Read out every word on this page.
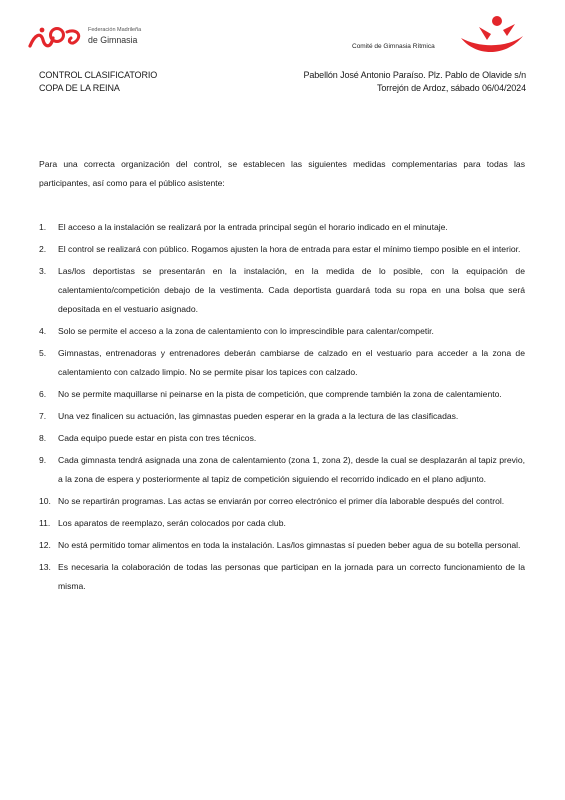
Federación Madrileña
de Gimnasia
Comité de Gimnasia Rítmica
CONTROL CLASIFICATORIO
COPA DE LA REINA
Pabellón José Antonio Paraíso. Plz. Pablo de Olavide s/n
Torrejón de Ardoz, sábado 06/04/2024

Para una correcta organización del control, se establecen las siguientes medidas complementarias para todas las participantes, así como para el público asistente:

1. El acceso a la instalación se realizará por la entrada principal según el horario indicado en el minutaje.
2. El control se realizará con público. Rogamos ajusten la hora de entrada para estar el mínimo tiempo posible en el interior.
3. Las/los deportistas se presentarán en la instalación, en la medida de lo posible, con la equipación de calentamiento/competición debajo de la vestimenta. Cada deportista guardará toda su ropa en una bolsa que será depositada en el vestuario asignado.
4. Solo se permite el acceso a la zona de calentamiento con lo imprescindible para calentar/competir.
5. Gimnastas, entrenadoras y entrenadores deberán cambiarse de calzado en el vestuario para acceder a la zona de calentamiento con calzado limpio. No se permite pisar los tapices con calzado.
6. No se permite maquillarse ni peinarse en la pista de competición, que comprende también la zona de calentamiento.
7. Una vez finalicen su actuación, las gimnastas pueden esperar en la grada a la lectura de las clasificadas.
8. Cada equipo puede estar en pista con tres técnicos.
9. Cada gimnasta tendrá asignada una zona de calentamiento (zona 1, zona 2), desde la cual se desplazarán al tapiz previo, a la zona de espera y posteriormente al tapiz de competición siguiendo el recorrido indicado en el plano adjunto.
10. No se repartirán programas. Las actas se enviarán por correo electrónico el primer día laborable después del control.
11. Los aparatos de reemplazo, serán colocados por cada club.
12. No está permitido tomar alimentos en toda la instalación. Las/los gimnastas sí pueden beber agua de su botella personal.
13. Es necesaria la colaboración de todas las personas que participan en la jornada para un correcto funcionamiento de la misma.
